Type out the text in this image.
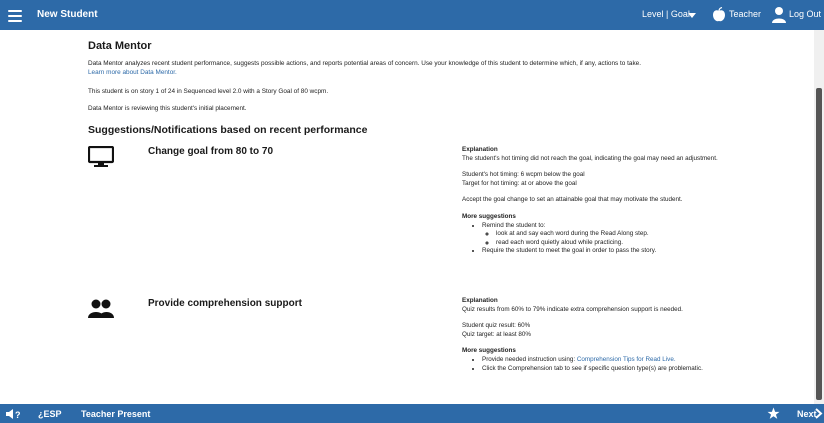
New Student	Level | Goal	Teacher	Log Out
Data Mentor
Data Mentor analyzes recent student performance, suggests possible actions, and reports potential areas of concern. Use your knowledge of this student to determine which, if any, actions to take.
Learn more about Data Mentor.
This student is on story 1 of 24 in Sequenced level 2.0 with a Story Goal of 80 wcpm.
Data Mentor is reviewing this student's initial placement.
Suggestions/Notifications based on recent performance
Change goal from 80 to 70	Explanation
The student's hot timing did not reach the goal, indicating the goal may need an adjustment.
Student's hot timing: 6 wcpm below the goal
Target for hot timing: at or above the goal
Accept the goal change to set an attainable goal that may motivate the student.
More suggestions
• Remind the student to:
◦ look at and say each word during the Read Along step.
◦ read each word quietly aloud while practicing.
• Require the student to meet the goal in order to pass the story.
Provide comprehension support	Explanation
Quiz results from 60% to 79% indicate extra comprehension support is needed.
Student quiz result: 60%
Quiz target: at least 80%
More suggestions
• Provide needed instruction using: Comprehension Tips for Read Live.
• Click the Comprehension tab to see if specific question type(s) are problematic.
? ¿ESP Teacher Present	Next
